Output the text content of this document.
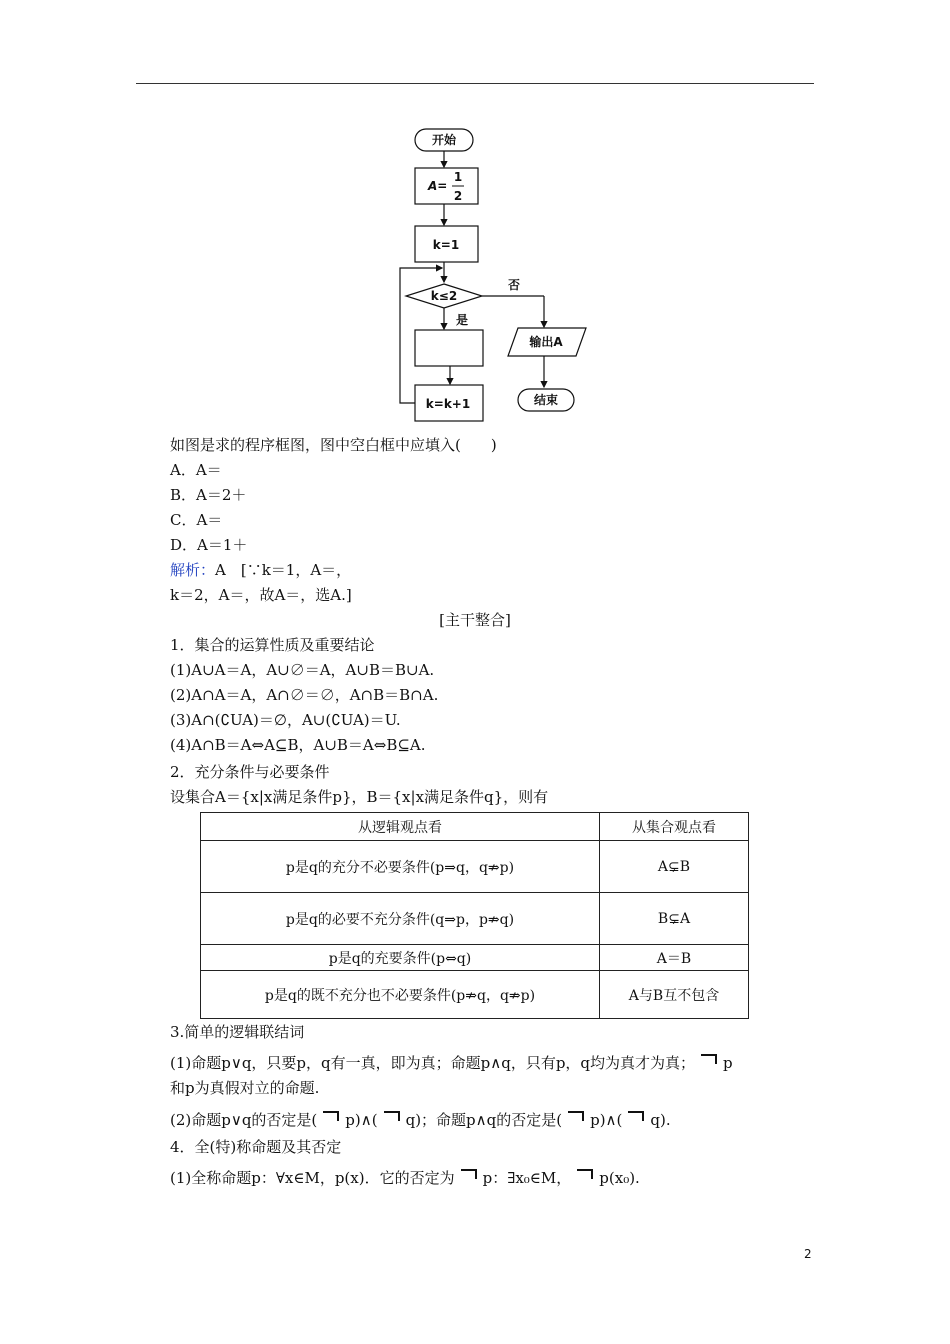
开始
A=
1
2
k=1
k≤2
否
是
输出A
k=k+1	结束
如图是求的程序框图，图中空白框中应填入(　　)
A．A＝
B．A＝2＋
C．A＝
D．A＝1＋
解析：A　[∵k＝1，A＝，
k＝2，A＝，故A＝，选A.]
[主干整合]
1．集合的运算性质及重要结论
(1)A∪A＝A，A∪∅＝A，A∪B＝B∪A.
(2)A∩A＝A，A∩∅＝∅，A∩B＝B∩A.
(3)A∩(∁UA)＝∅，A∪(∁UA)＝U.
(4)A∩B＝A⇔A⊆B，A∪B＝A⇔B⊆A.
2．充分条件与必要条件
设集合A＝{x|x满足条件p}，B＝{x|x满足条件q}，则有
从逻辑观点看	从集合观点看
p是q的充分不必要条件(p⇒q，q⇏p)	A⊊B
p是q的必要不充分条件(q⇒p，p⇏q)	B⊊A
p是q的充要条件(p⇔q)	A＝B
p是q的既不充分也不必要条件(p⇏q，q⇏p)	A与B互不包含
3.简单的逻辑联结词
(1)命题p∨q，只要p，q有一真，即为真；命题p∧q，只有p，q均为真才为真； p
和p为真假对立的命题.
(2)命题p∨q的否定是( p)∧( q)；命题p∧q的否定是( p)∧( q).
4．全(特)称命题及其否定
(1)全称命题p：∀x∈M，p(x)．它的否定为 p：∃x₀∈M， p(x₀).
2
